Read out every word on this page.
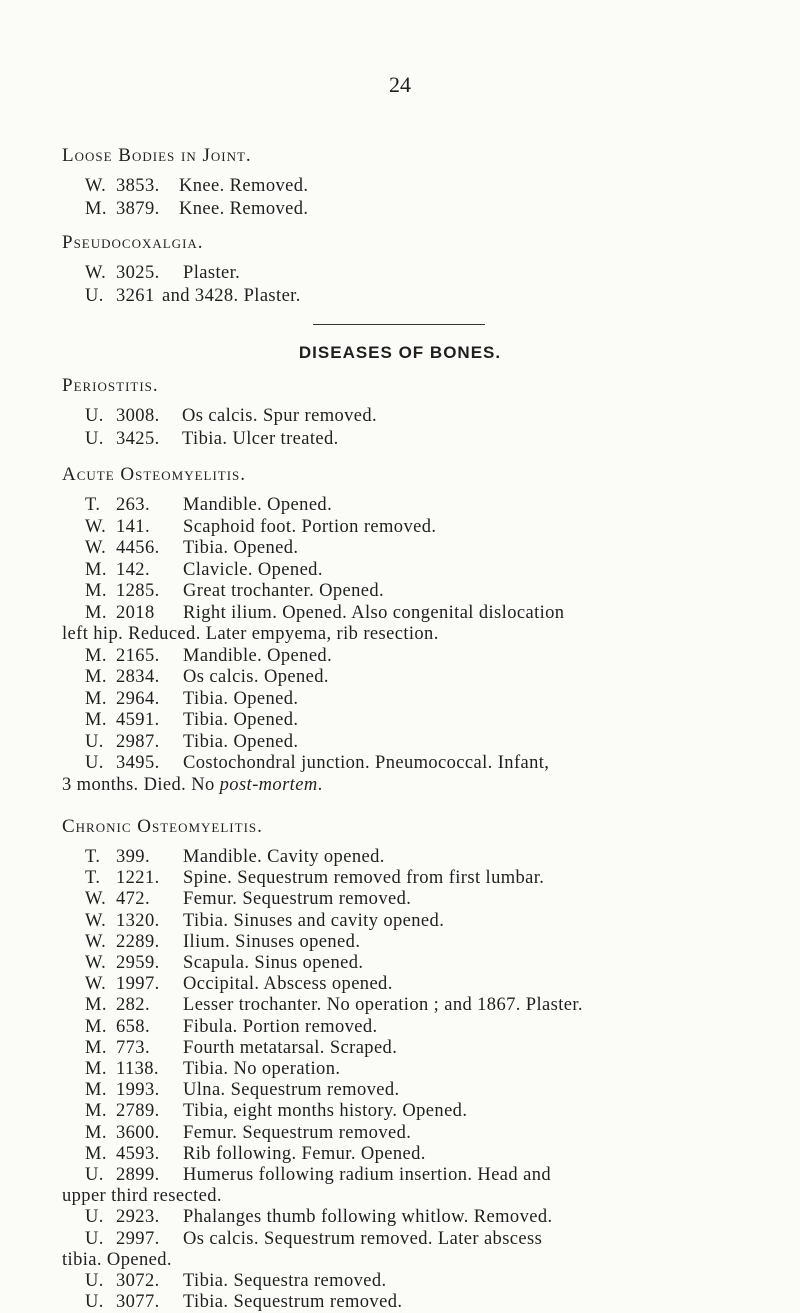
24
Loose Bodies in Joint.
W. 3853. Knee. Removed.
M. 3879. Knee. Removed.
Pseudocoxalgia.
W. 3025. Plaster.
U. 3261 and 3428. Plaster.
DISEASES OF BONES.
Periostitis.
U. 3008. Os calcis. Spur removed.
U. 3425. Tibia. Ulcer treated.
Acute Osteomyelitis.
T. 263. Mandible. Opened.
W. 141. Scaphoid foot. Portion removed.
W. 4456. Tibia. Opened.
M. 142. Clavicle. Opened.
M. 1285. Great trochanter. Opened.
M. 2018 Right ilium. Opened. Also congenital dislocation
left hip. Reduced. Later empyema, rib resection.
M. 2165. Mandible. Opened.
M. 2834. Os calcis. Opened.
M. 2964. Tibia. Opened.
M. 4591. Tibia. Opened.
U. 2987. Tibia. Opened.
U. 3495. Costochondral junction. Pneumococcal. Infant,
3 months. Died. No post-mortem.
Chronic Osteomyelitis.
T. 399. Mandible. Cavity opened.
T. 1221. Spine. Sequestrum removed from first lumbar.
W. 472. Femur. Sequestrum removed.
W. 1320. Tibia. Sinuses and cavity opened.
W. 2289. Ilium. Sinuses opened.
W. 2959. Scapula. Sinus opened.
W. 1997. Occipital. Abscess opened.
M. 282. Lesser trochanter. No operation ; and 1867. Plaster.
M. 658. Fibula. Portion removed.
M. 773. Fourth metatarsal. Scraped.
M. 1138. Tibia. No operation.
M. 1993. Ulna. Sequestrum removed.
M. 2789. Tibia, eight months history. Opened.
M. 3600. Femur. Sequestrum removed.
M. 4593. Rib following. Femur. Opened.
U. 2899. Humerus following radium insertion. Head and
upper third resected.
U. 2923. Phalanges thumb following whitlow. Removed.
U. 2997. Os calcis. Sequestrum removed. Later abscess
tibia. Opened.
U. 3072. Tibia. Sequestra removed.
U. 3077. Tibia. Sequestrum removed.
